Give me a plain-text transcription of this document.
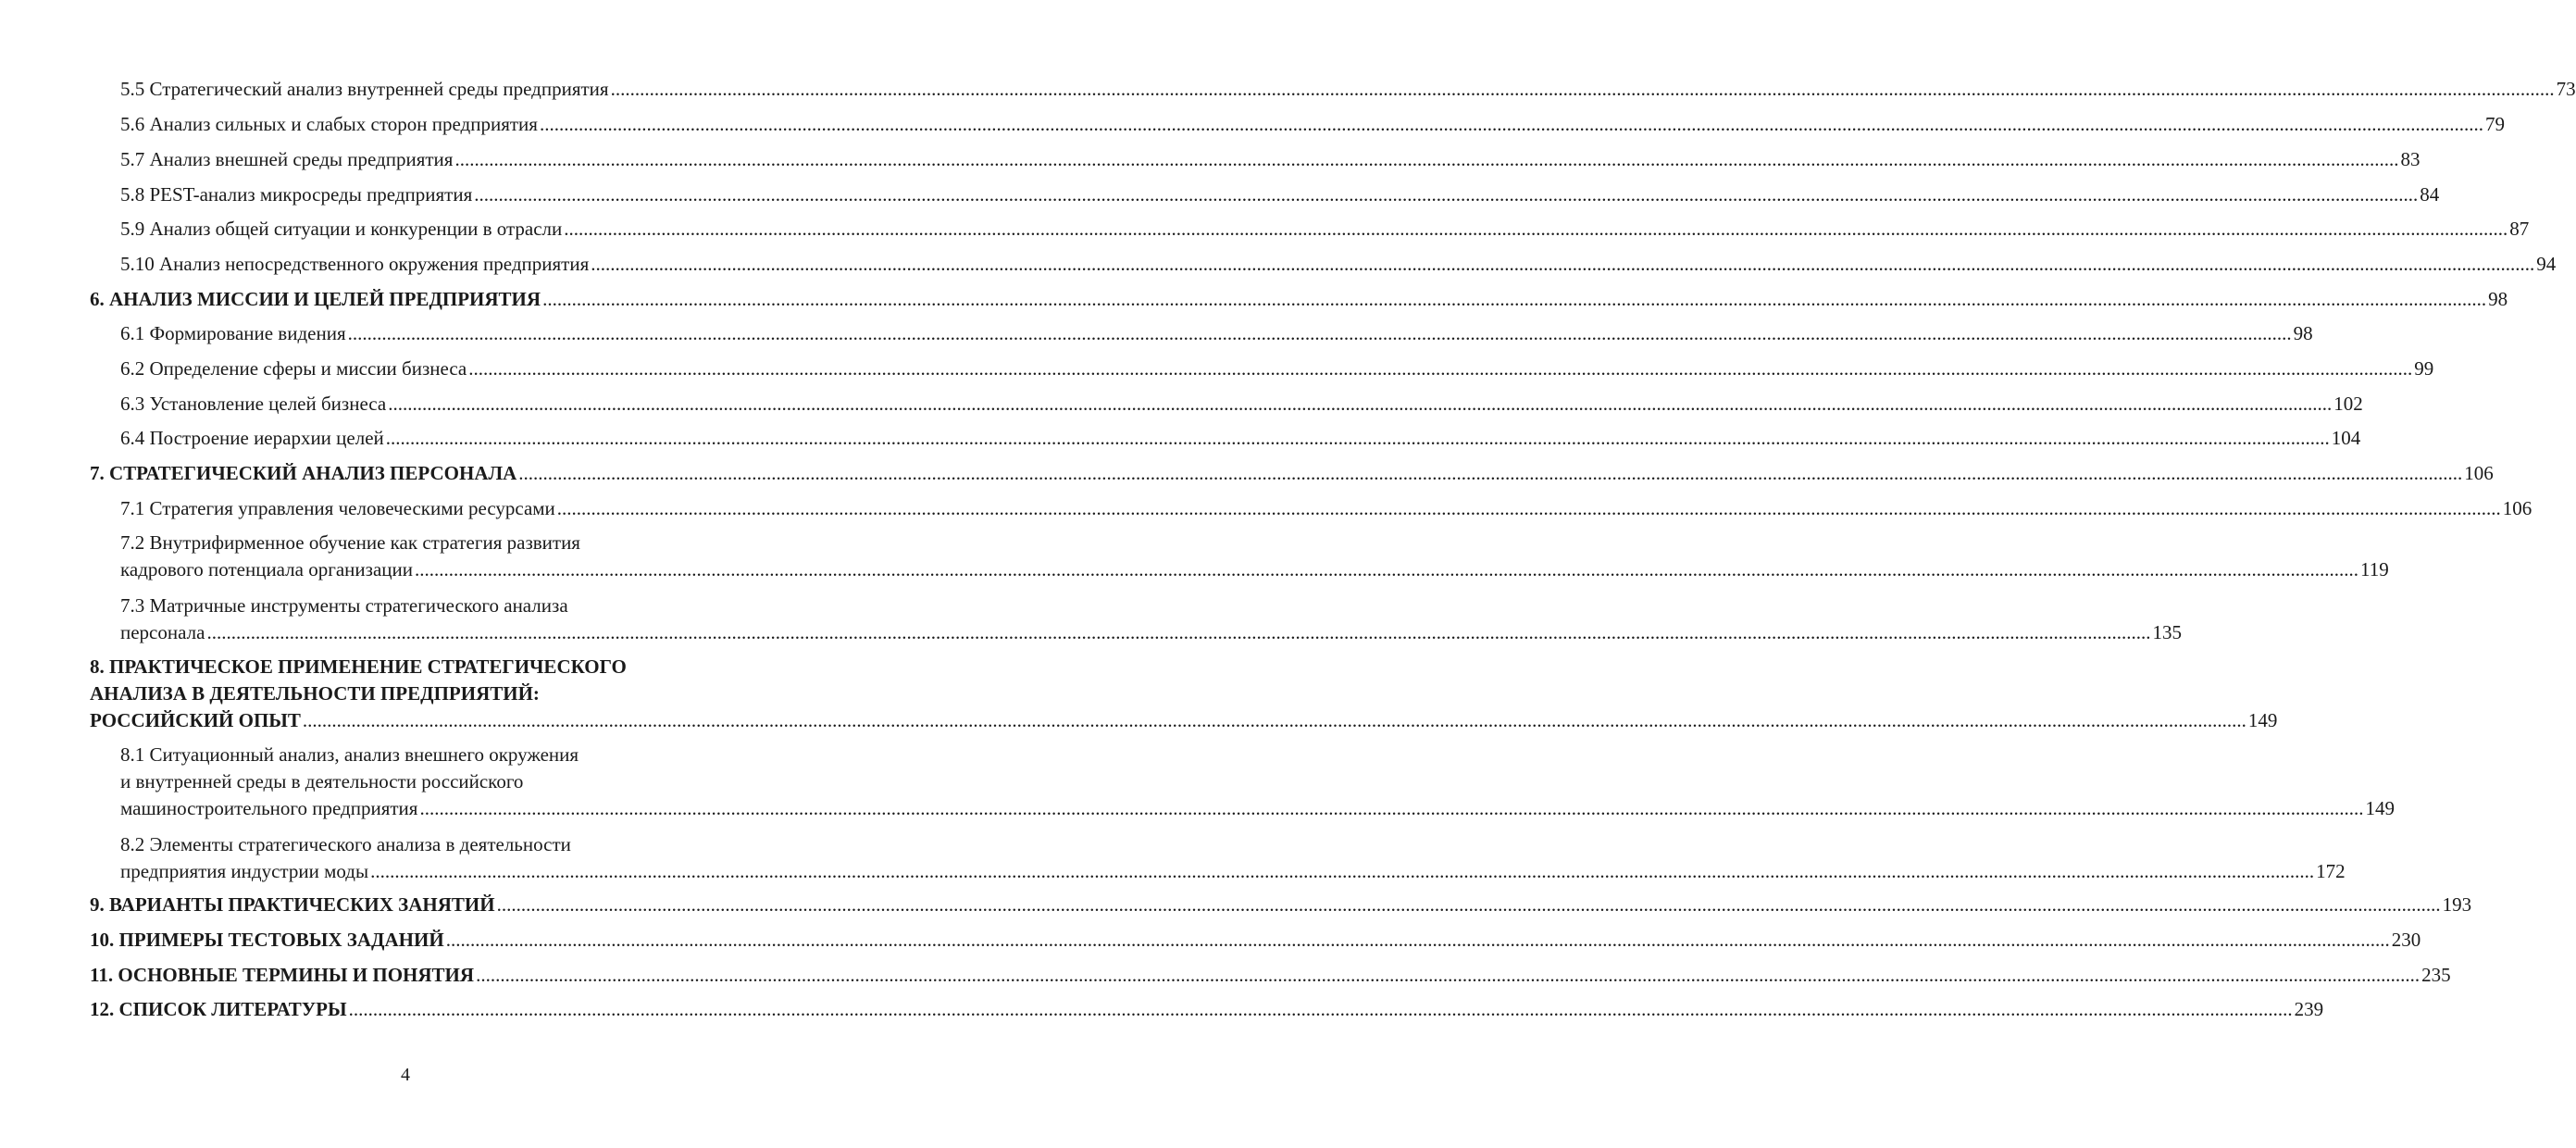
5.5 Стратегический анализ внутренней среды предприятия ................................................................................................................................................................................................................................................................................................................................................................................................................ 73
5.6 Анализ сильных и слабых сторон предприятия ................................................................................................................................................................................................................................................................................................................................................................................................................ 79
5.7 Анализ внешней среды предприятия ................................................................................................................................................................................................................................................................................................................................................................................................................ 83
5.8 PEST-анализ микросреды предприятия ................................................................................................................................................................................................................................................................................................................................................................................................................ 84
5.9 Анализ общей ситуации и конкуренции в отрасли ................................................................................................................................................................................................................................................................................................................................................................................................................ 87
5.10 Анализ непосредственного окружения предприятия ................................................................................................................................................................................................................................................................................................................................................................................................................ 94
6. АНАЛИЗ МИССИИ И ЦЕЛЕЙ ПРЕДПРИЯТИЯ ................................................................................................................................................................................................................................................................................................................................................................................................................ 98
6.1 Формирование видения ................................................................................................................................................................................................................................................................................................................................................................................................................ 98
6.2 Определение сферы и миссии бизнеса ................................................................................................................................................................................................................................................................................................................................................................................................................ 99
6.3 Установление целей бизнеса ................................................................................................................................................................................................................................................................................................................................................................................................................ 102
6.4 Построение иерархии целей ................................................................................................................................................................................................................................................................................................................................................................................................................ 104
7. СТРАТЕГИЧЕСКИЙ АНАЛИЗ ПЕРСОНАЛА ................................................................................................................................................................................................................................................................................................................................................................................................................ 106
7.1 Стратегия управления человеческими ресурсами ................................................................................................................................................................................................................................................................................................................................................................................................................ 106
7.2 Внутрифирменное обучение как стратегия развития
кадрового потенциала организации ................................................................................................................................................................................................................................................................................................................................................................................................................ 119
7.3 Матричные инструменты стратегического анализа
персонала ................................................................................................................................................................................................................................................................................................................................................................................................................ 135
8. ПРАКТИЧЕСКОЕ ПРИМЕНЕНИЕ СТРАТЕГИЧЕСКОГО
АНАЛИЗА В ДЕЯТЕЛЬНОСТИ ПРЕДПРИЯТИЙ:
РОССИЙСКИЙ ОПЫТ ................................................................................................................................................................................................................................................................................................................................................................................................................ 149
8.1 Ситуационный анализ, анализ внешнего окружения
и внутренней среды в деятельности российского
машиностроительного предприятия ................................................................................................................................................................................................................................................................................................................................................................................................................ 149
8.2 Элементы стратегического анализа в деятельности
предприятия индустрии моды ................................................................................................................................................................................................................................................................................................................................................................................................................ 172
9. ВАРИАНТЫ ПРАКТИЧЕСКИХ ЗАНЯТИЙ ................................................................................................................................................................................................................................................................................................................................................................................................................ 193
10. ПРИМЕРЫ ТЕСТОВЫХ ЗАДАНИЙ ................................................................................................................................................................................................................................................................................................................................................................................................................ 230
11. ОСНОВНЫЕ ТЕРМИНЫ И ПОНЯТИЯ ................................................................................................................................................................................................................................................................................................................................................................................................................ 235
12. СПИСОК ЛИТЕРАТУРЫ ................................................................................................................................................................................................................................................................................................................................................................................................................ 239
4
